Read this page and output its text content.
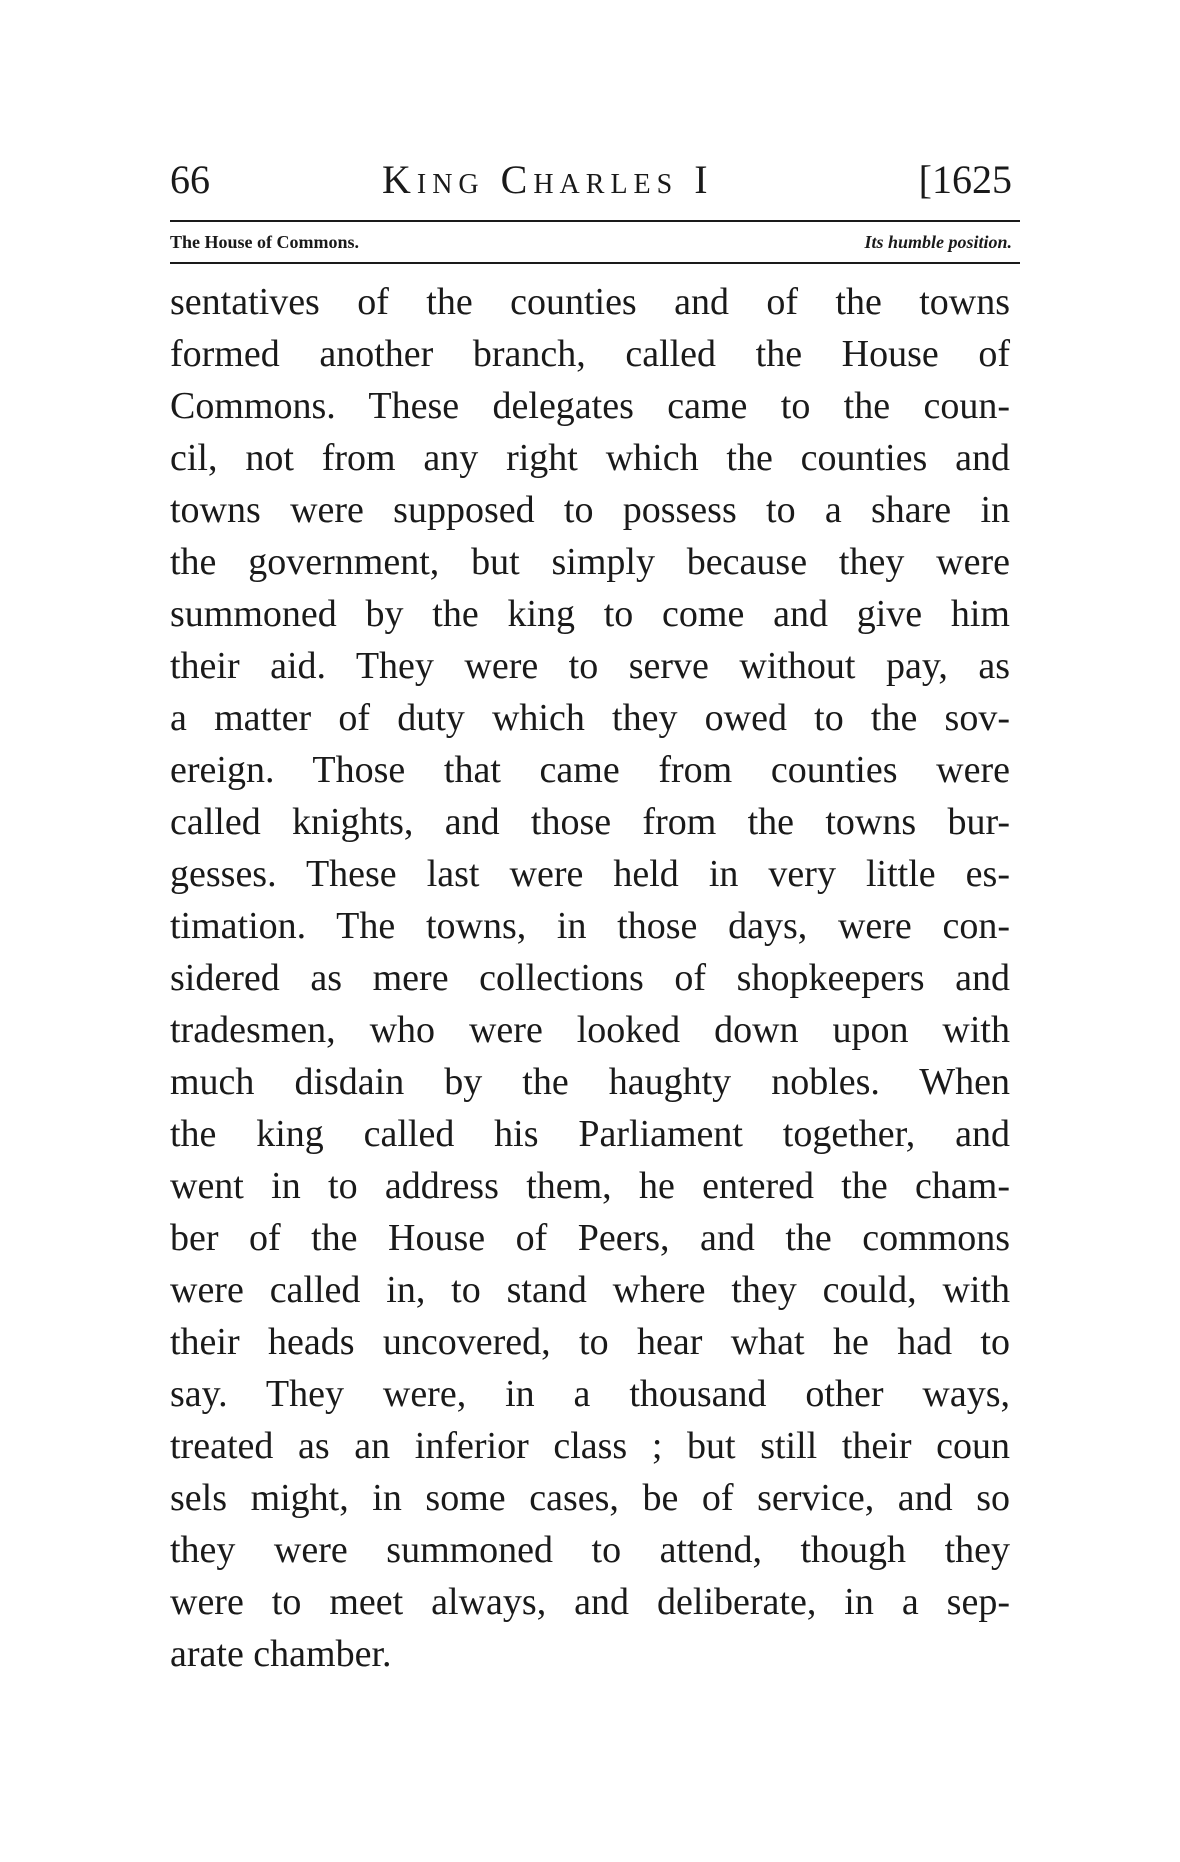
66	King Charles I	[1625
The House of Commons.	Its humble position.
sentatives of the counties and of the towns
formed another branch, called the House of
Commons. These delegates came to the coun-
cil, not from any right which the counties and
towns were supposed to possess to a share in
the government, but simply because they were
summoned by the king to come and give him
their aid. They were to serve without pay, as
a matter of duty which they owed to the sov-
ereign. Those that came from counties were
called knights, and those from the towns bur-
gesses. These last were held in very little es-
timation. The towns, in those days, were con-
sidered as mere collections of shopkeepers and
tradesmen, who were looked down upon with
much disdain by the haughty nobles. When
the king called his Parliament together, and
went in to address them, he entered the cham-
ber of the House of Peers, and the commons
were called in, to stand where they could, with
their heads uncovered, to hear what he had to
say. They were, in a thousand other ways,
treated as an inferior class ; but still their coun
sels might, in some cases, be of service, and so
they were summoned to attend, though they
were to meet always, and deliberate, in a sep-
arate chamber.
